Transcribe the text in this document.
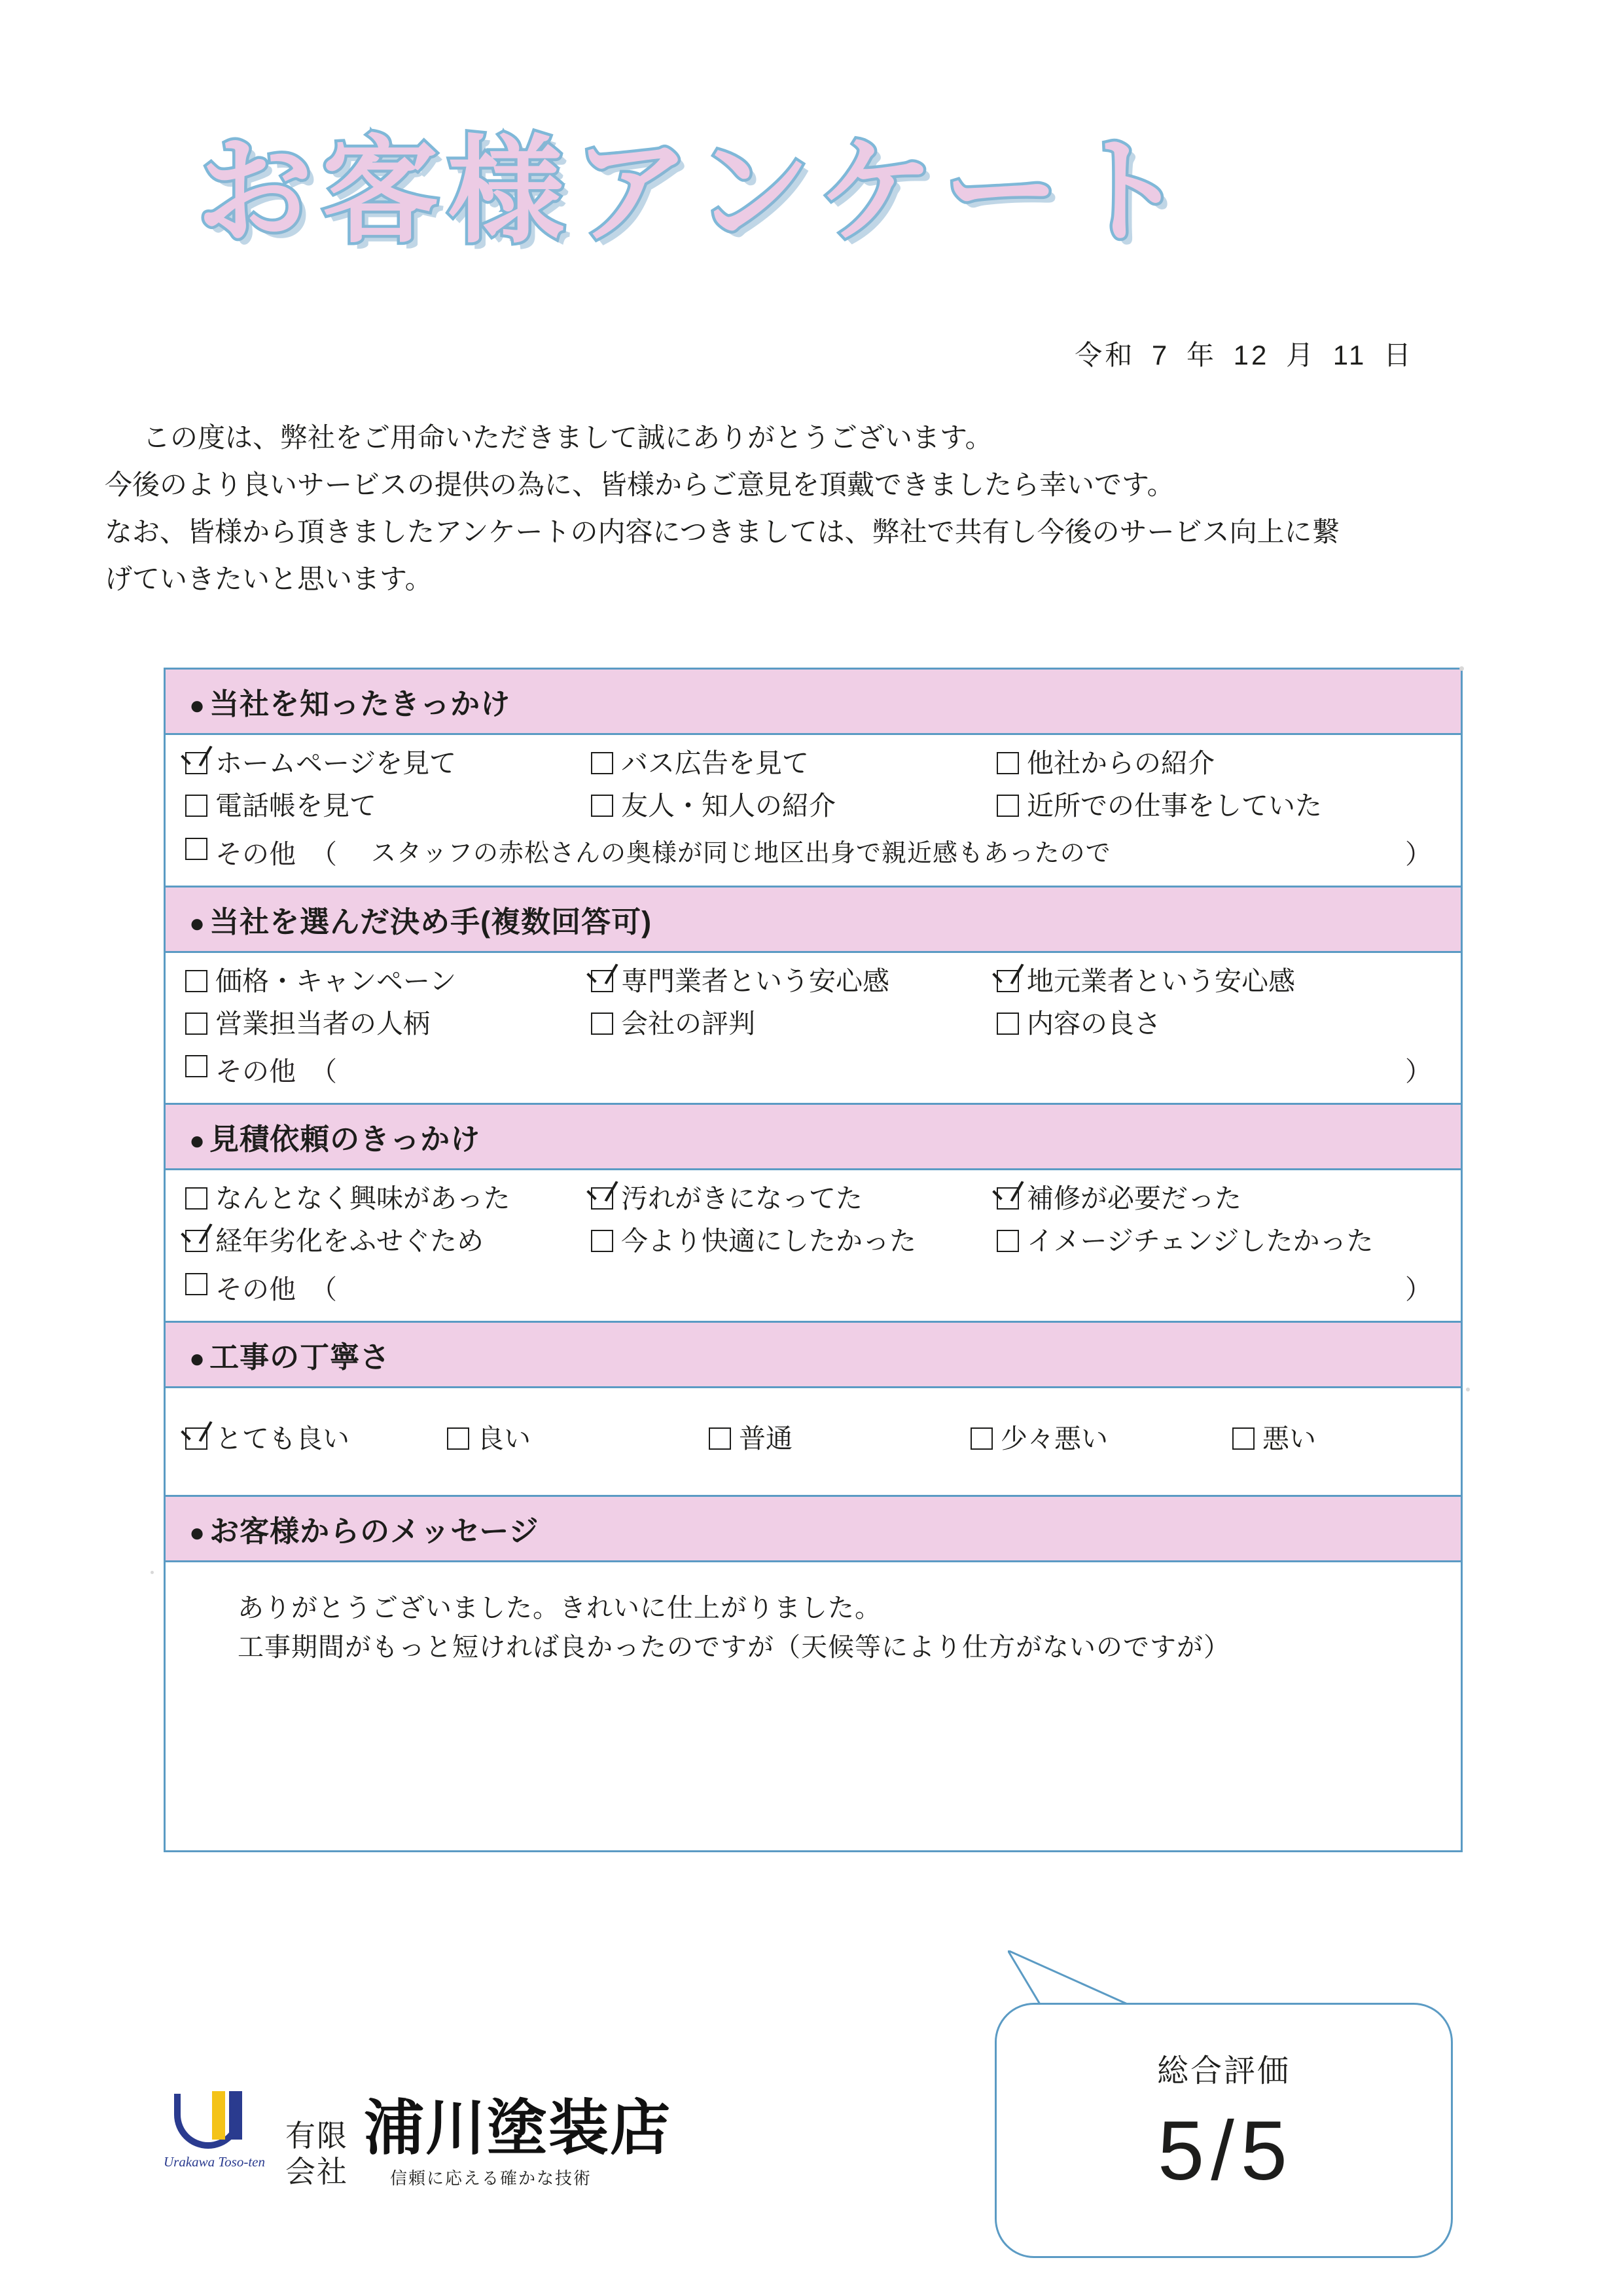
お客様アンケート
令和 7 年 12 月 11 日

この度は、弊社をご用命いただきまして誠にありがとうございます。

今後のより良いサービスの提供の為に、皆様からご意見を頂戴できましたら幸いです。

なお、皆様から頂きましたアンケートの内容につきましては、弊社で共有し今後のサービス向上に繋

げていきたいと思います。

● 当社を知ったきっかけ
ホームページを見て	バス広告を見て	他社からの紹介
電話帳を見て	友人・知人の紹介	近所での仕事をしていた
その他 （	スタッフの赤松さんの奥様が同じ地区出身で親近感もあったので	）
● 当社を選んだ決め手(複数回答可)
価格・キャンペーン	専門業者という安心感	地元業者という安心感
営業担当者の人柄	会社の評判	内容の良さ
その他 （	）
● 見積依頼のきっかけ
なんとなく興味があった	汚れがきになってた	補修が必要だった
経年劣化をふせぐため	今より快適にしたかった	イメージチェンジしたかった
その他 （	）
● 工事の丁寧さ
とても良い	良い	普通	少々悪い	悪い
● お客様からのメッセージ
ありがとうございました。きれいに仕上がりました。
工事期間がもっと短ければ良かったのですが（天候等により仕方がないのですが）
総合評価
5/5
Urakawa Toso-ten
有限
会社
浦川塗装店
信頼に応える確かな技術
